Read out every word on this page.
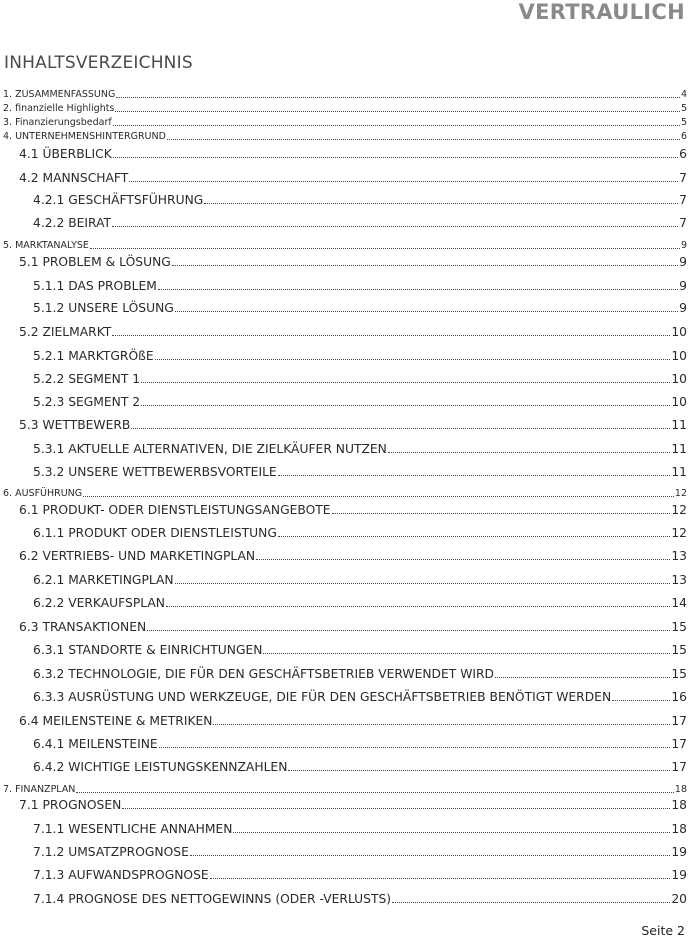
VERTRAULICH
INHALTSVERZEICHNIS
1. ZUSAMMENFASSUNG	4
2. finanzielle Highlights	5
3. Finanzierungsbedarf	5
4. UNTERNEHMENSHINTERGRUND	6
4.1 ÜBERBLICK	6
4.2 MANNSCHAFT	7
4.2.1 GESCHÄFTSFÜHRUNG	7
4.2.2 BEIRAT	7
5. MARKTANALYSE	9
5.1 PROBLEM & LÖSUNG	9
5.1.1 DAS PROBLEM	9
5.1.2 UNSERE LÖSUNG	9
5.2 ZIELMARKT	10
5.2.1 MARKTGRÖßE	10
5.2.2 SEGMENT 1	10
5.2.3 SEGMENT 2	10
5.3 WETTBEWERB	11
5.3.1 AKTUELLE ALTERNATIVEN, DIE ZIELKÄUFER NUTZEN	11
5.3.2 UNSERE WETTBEWERBSVORTEILE	11
6. AUSFÜHRUNG	12
6.1 PRODUKT- ODER DIENSTLEISTUNGSANGEBOTE	12
6.1.1 PRODUKT ODER DIENSTLEISTUNG	12
6.2 VERTRIEBS- UND MARKETINGPLAN	13
6.2.1 MARKETINGPLAN	13
6.2.2 VERKAUFSPLAN	14
6.3 TRANSAKTIONEN	15
6.3.1 STANDORTE & EINRICHTUNGEN	15
6.3.2 TECHNOLOGIE, DIE FÜR DEN GESCHÄFTSBETRIEB VERWENDET WIRD	15
6.3.3 AUSRÜSTUNG UND WERKZEUGE, DIE FÜR DEN GESCHÄFTSBETRIEB BENÖTIGT WERDEN	16
6.4 MEILENSTEINE & METRIKEN	17
6.4.1 MEILENSTEINE	17
6.4.2 WICHTIGE LEISTUNGSKENNZAHLEN	17
7. FINANZPLAN	18
7.1 PROGNOSEN	18
7.1.1 WESENTLICHE ANNAHMEN	18
7.1.2 UMSATZPROGNOSE	19
7.1.3 AUFWANDSPROGNOSE	19
7.1.4 PROGNOSE DES NETTOGEWINNS (ODER -VERLUSTS)	20
Seite 2
